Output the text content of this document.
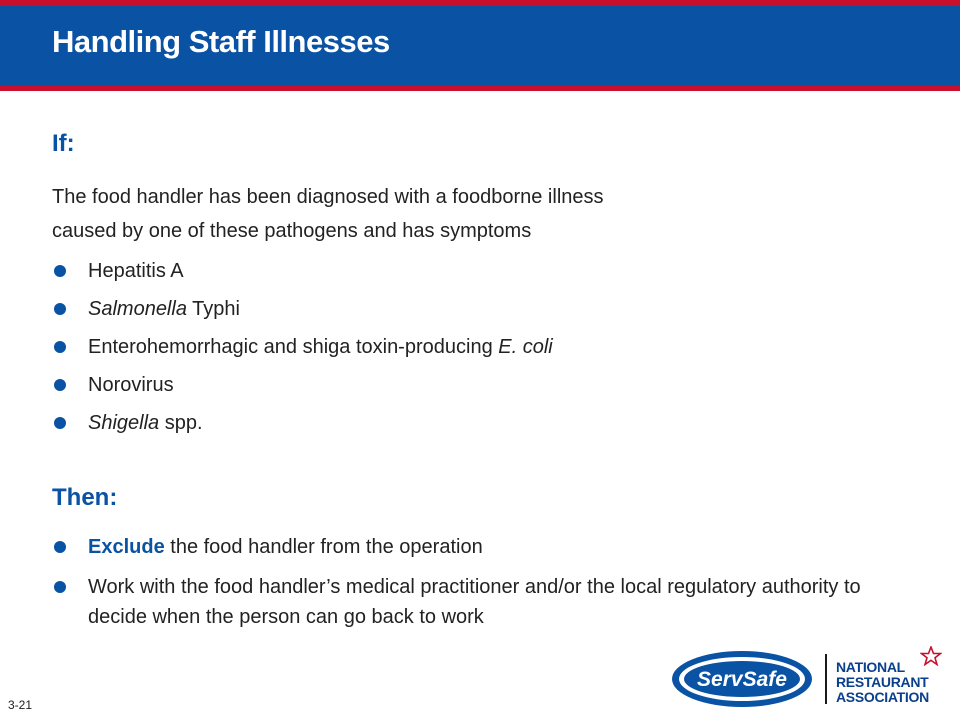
Handling Staff Illnesses
If:

The food handler has been diagnosed with a foodborne illness
caused by one of these pathogens and has symptoms

Hepatitis A
Salmonella Typhi
Enterohemorrhagic and shiga toxin-producing E. coli
Norovirus
Shigella spp.
Then:
Exclude the food handler from the operation
Work with the food handler’s medical practitioner and/or the local regulatory authority to decide when the person can go back to work
3-21
ServSafe
NATIONAL
RESTAURANT
ASSOCIATION
